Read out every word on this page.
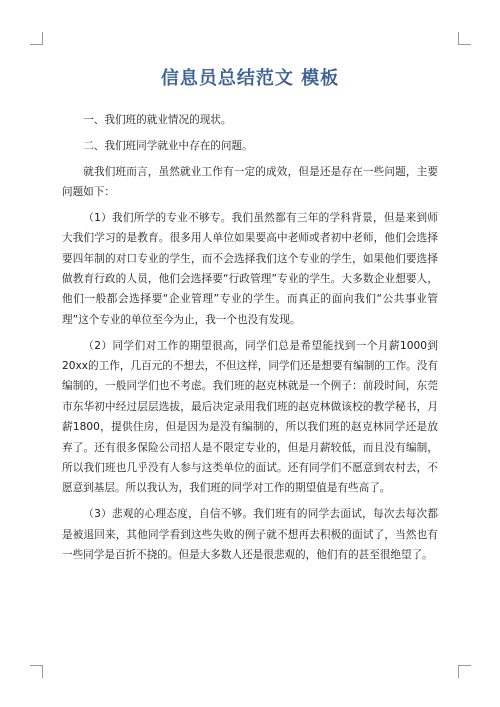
信息员总结范文 模板

一、我们班的就业情况的现状。

二、我们班同学就业中存在的问题。

就我们班而言，虽然就业工作有一定的成效，但是还是存在一些问题，主要问题如下：

（1）我们所学的专业不够专。我们虽然都有三年的学科背景，但是来到师大我们学习的是教育。很多用人单位如果要高中老师或者初中老师，他们会选择要四年制的对口专业的学生，而不会选择我们这个专业的学生，如果他们要选择做教育行政的人员，他们会选择要“行政管理”专业的学生。大多数企业想要人，他们一般都会选择要“企业管理”专业的学生。而真正的面向我们“公共事业管理”这个专业的单位至今为止，我一个也没有发现。

（2）同学们对工作的期望很高，同学们总是希望能找到一个月薪1000到20xx的工作，几百元的不想去，不但这样，同学们还是想要有编制的工作。没有编制的，一般同学们也不考虑。我们班的赵克林就是一个例子：前段时间，东莞市东华初中经过层层选拔，最后决定录用我们班的赵克林做该校的教学秘书，月薪1800，提供住房，但是因为是没有编制的，所以我们班的赵克林同学还是放弃了。还有很多保险公司招人是不限定专业的，但是月薪较低，而且没有编制，所以我们班也几乎没有人参与这类单位的面试。还有同学们不愿意到农村去，不愿意到基层。所以我认为，我们班的同学对工作的期望值是有些高了。

（3）悲观的心理态度，自信不够。我们班有的同学去面试，每次去每次都是被退回来，其他同学看到这些失败的例子就不想再去积极的面试了，当然也有一些同学是百折不挠的。但是大多数人还是很悲观的，他们有的甚至很绝望了。
